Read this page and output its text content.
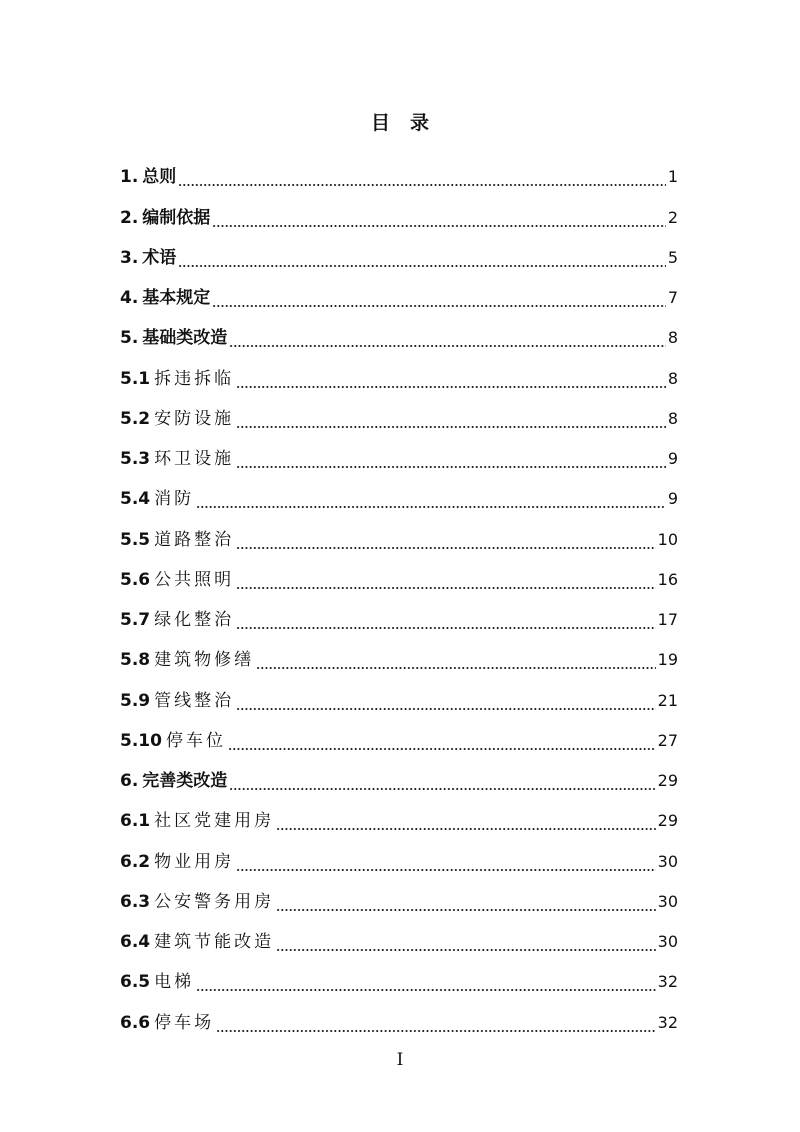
目录
1. 总则	1
2. 编制依据	2
3. 术语	5
4. 基本规定	7
5. 基础类改造	8
5.1 拆违拆临	8
5.2 安防设施	8
5.3 环卫设施	9
5.4 消防	9
5.5 道路整治	10
5.6 公共照明	16
5.7 绿化整治	17
5.8 建筑物修缮	19
5.9 管线整治	21
5.10 停车位	27
6. 完善类改造	29
6.1 社区党建用房	29
6.2 物业用房	30
6.3 公安警务用房	30
6.4 建筑节能改造	30
6.5 电梯	32
6.6 停车场	32
I
